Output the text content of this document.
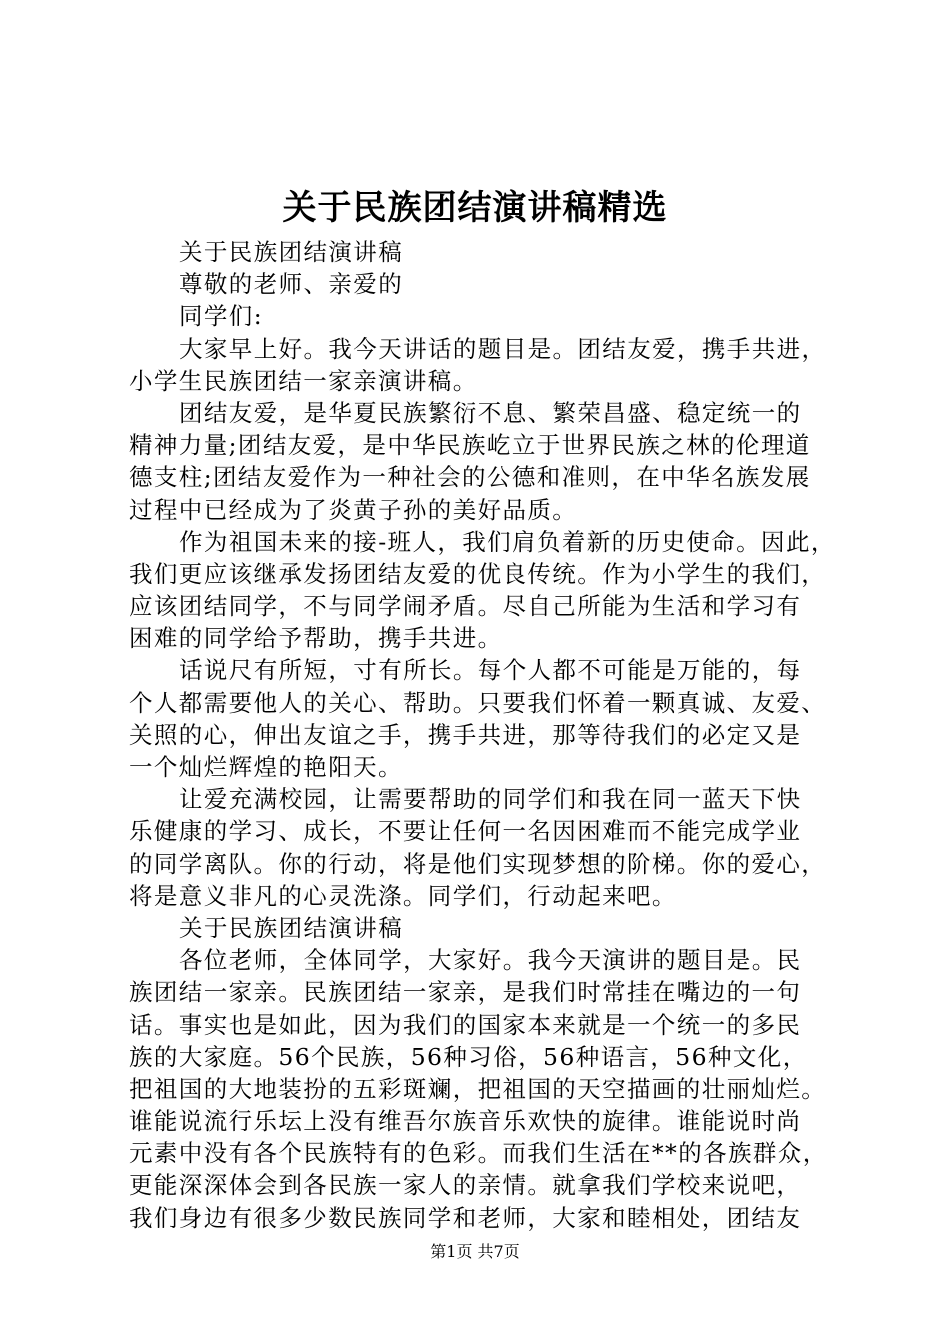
关于民族团结演讲稿精选
关于民族团结演讲稿
尊敬的老师、亲爱的
同学们:
大家早上好。我今天讲话的题目是。团结友爱，携手共进，
小学生民族团结一家亲演讲稿。
团结友爱，是华夏民族繁衍不息、繁荣昌盛、稳定统一的
精神力量;团结友爱，是中华民族屹立于世界民族之林的伦理道
德支柱;团结友爱作为一种社会的公德和准则，在中华名族发展
过程中已经成为了炎黄子孙的美好品质。
作为祖国未来的接-班人，我们肩负着新的历史使命。因此，
我们更应该继承发扬团结友爱的优良传统。作为小学生的我们，
应该团结同学，不与同学闹矛盾。尽自己所能为生活和学习有
困难的同学给予帮助，携手共进。
话说尺有所短，寸有所长。每个人都不可能是万能的，每
个人都需要他人的关心、帮助。只要我们怀着一颗真诚、友爱、
关照的心，伸出友谊之手，携手共进，那等待我们的必定又是
一个灿烂辉煌的艳阳天。
让爱充满校园，让需要帮助的同学们和我在同一蓝天下快
乐健康的学习、成长，不要让任何一名因困难而不能完成学业
的同学离队。你的行动，将是他们实现梦想的阶梯。你的爱心，
将是意义非凡的心灵洗涤。同学们，行动起来吧。
关于民族团结演讲稿
各位老师，全体同学，大家好。我今天演讲的题目是。民
族团结一家亲。民族团结一家亲，是我们时常挂在嘴边的一句
话。事实也是如此，因为我们的国家本来就是一个统一的多民
族的大家庭。56个民族，56种习俗，56种语言，56种文化，
把祖国的大地装扮的五彩斑斓，把祖国的天空描画的壮丽灿烂。
谁能说流行乐坛上没有维吾尔族音乐欢快的旋律。谁能说时尚
元素中没有各个民族特有的色彩。而我们生活在**的各族群众，
更能深深体会到各民族一家人的亲情。就拿我们学校来说吧，
我们身边有很多少数民族同学和老师，大家和睦相处，团结友
第1页 共7页
